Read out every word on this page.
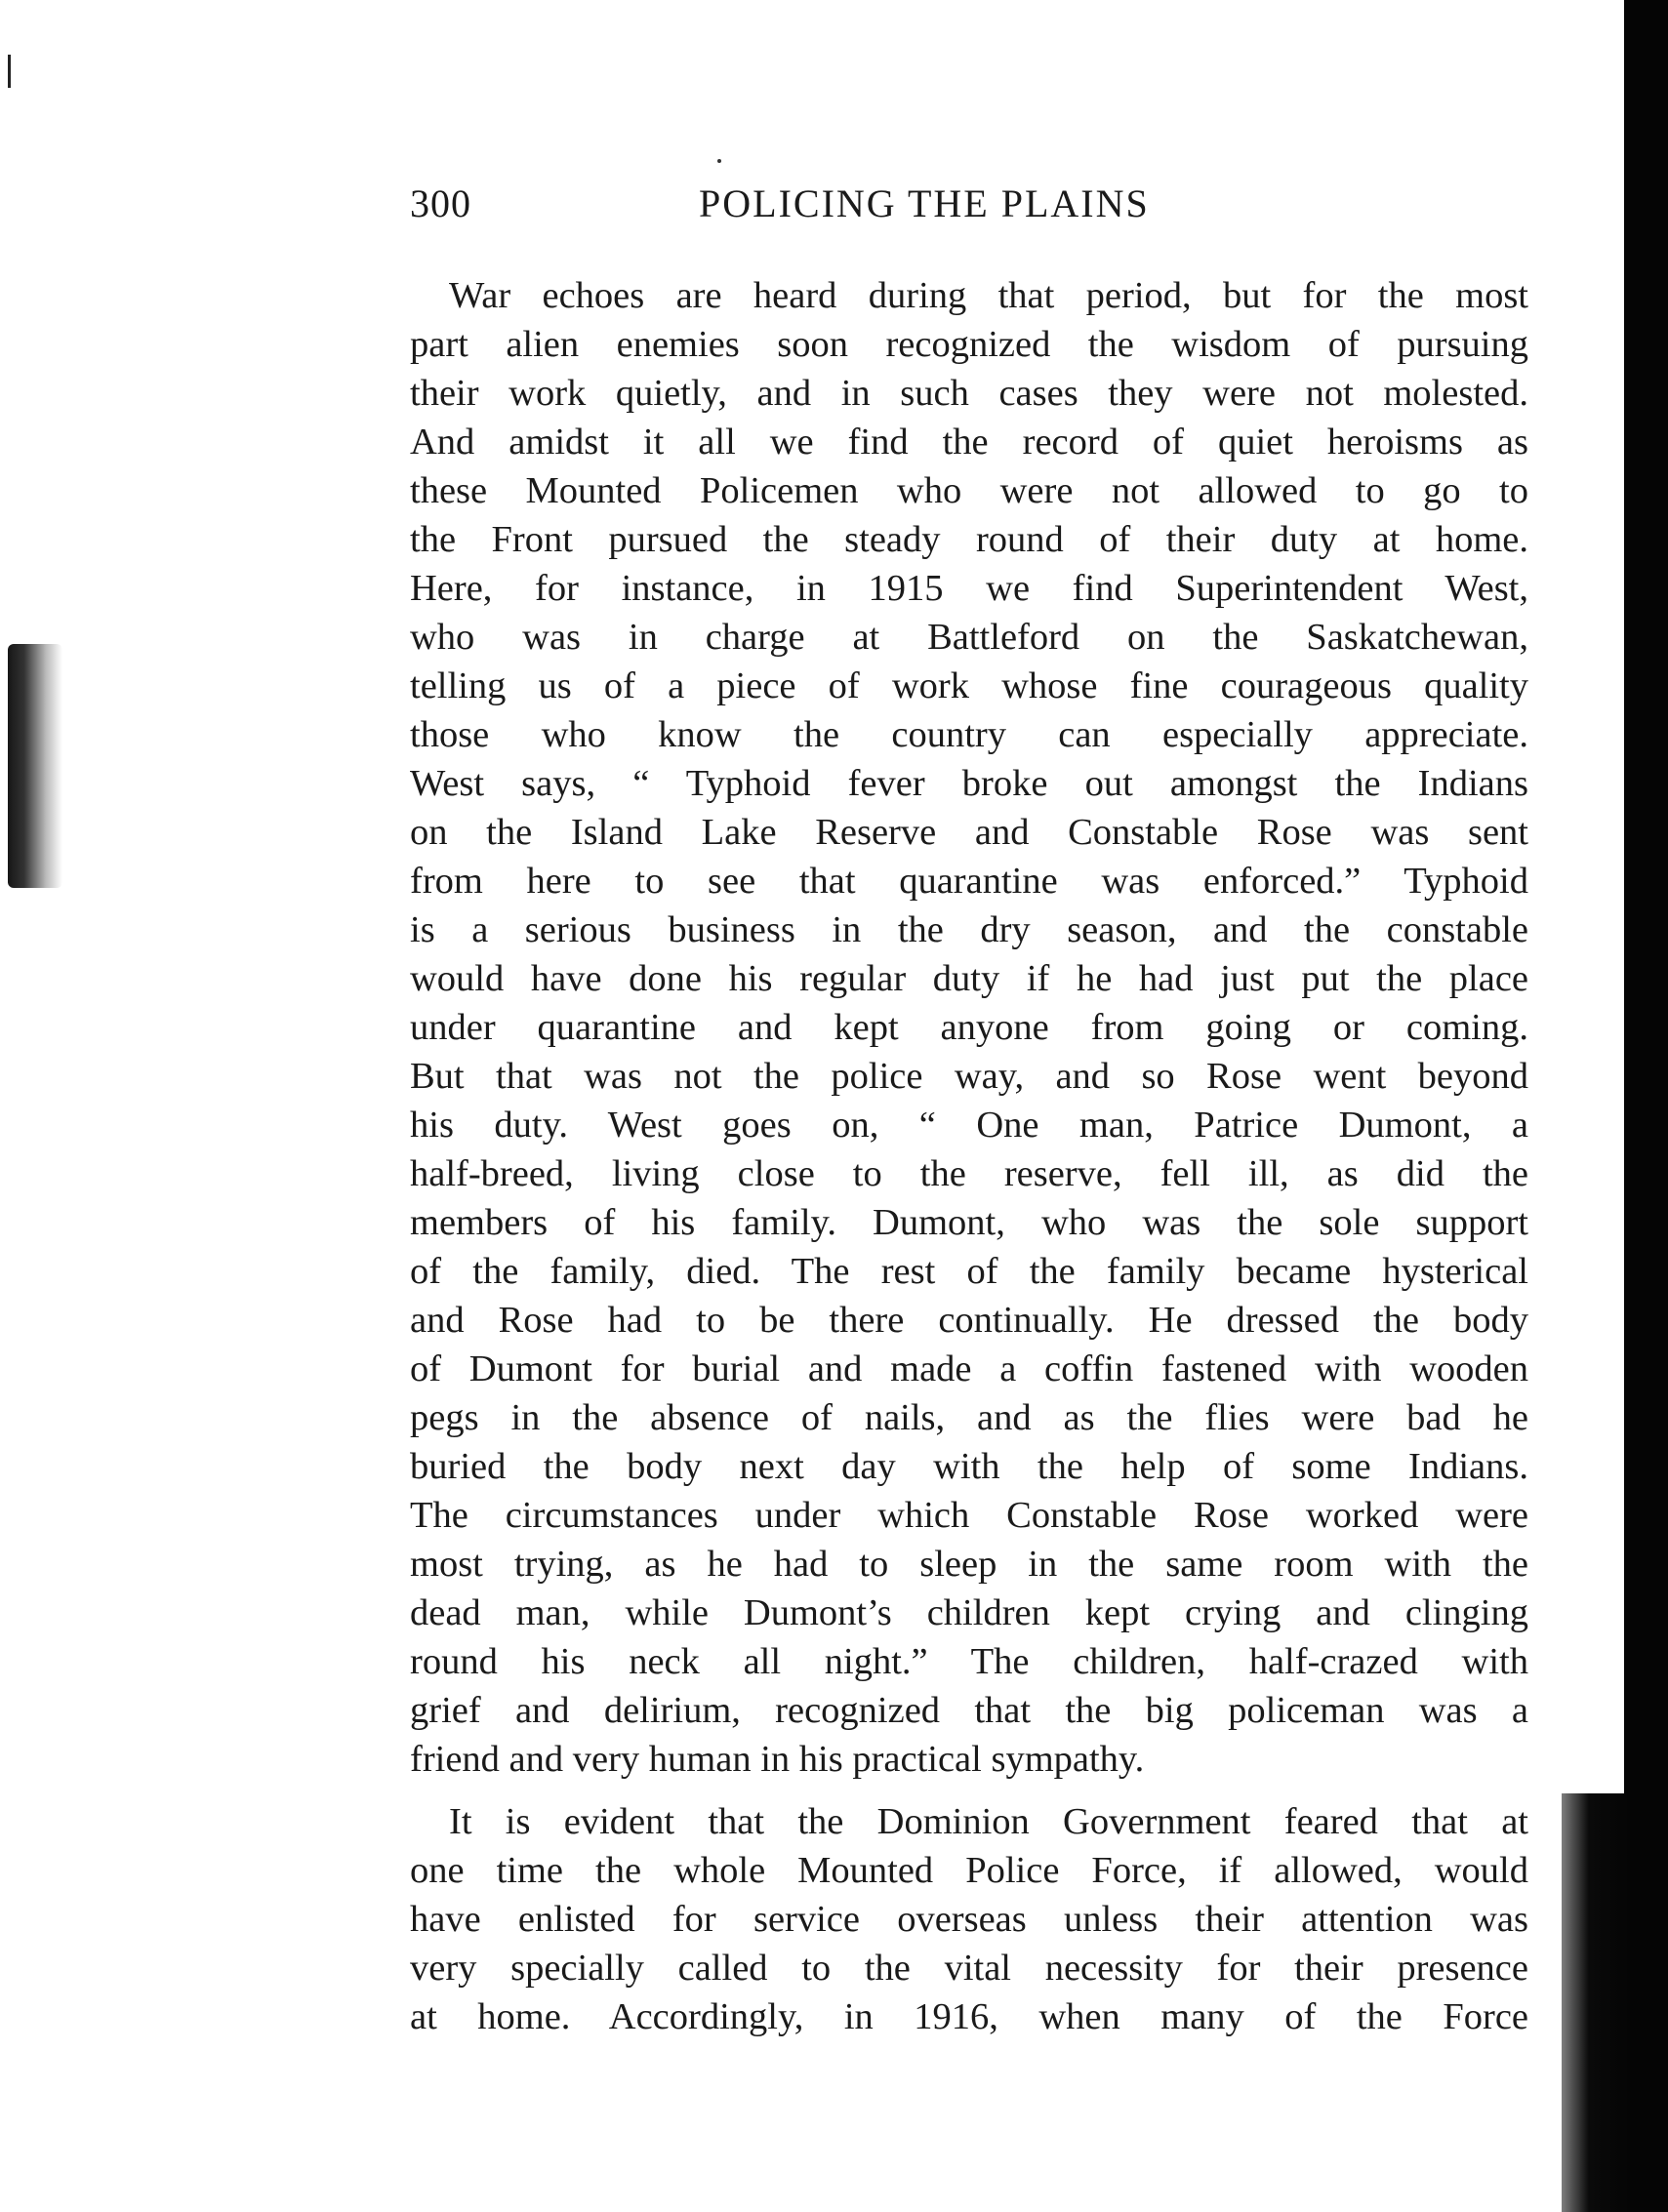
300	POLICING THE PLAINS

War echoes are heard during that period, but for the most

part alien enemies soon recognized the wisdom of pursuing

their work quietly, and in such cases they were not molested.

And amidst it all we find the record of quiet heroisms as

these Mounted Policemen who were not allowed to go to

the Front pursued the steady round of their duty at home.

Here, for instance, in 1915 we find Superintendent West,

who was in charge at Battleford on the Saskatchewan,

telling us of a piece of work whose fine courageous quality

those who know the country can especially appreciate.

West says, “ Typhoid fever broke out amongst the Indians

on the Island Lake Reserve and Constable Rose was sent

from here to see that quarantine was enforced.” Typhoid

is a serious business in the dry season, and the constable

would have done his regular duty if he had just put the place

under quarantine and kept anyone from going or coming.

But that was not the police way, and so Rose went beyond

his duty. West goes on, “ One man, Patrice Dumont, a

half-breed, living close to the reserve, fell ill, as did the

members of his family. Dumont, who was the sole support

of the family, died. The rest of the family became hysterical

and Rose had to be there continually. He dressed the body

of Dumont for burial and made a coffin fastened with wooden

pegs in the absence of nails, and as the flies were bad he

buried the body next day with the help of some Indians.

The circumstances under which Constable Rose worked were

most trying, as he had to sleep in the same room with the

dead man, while Dumont’s children kept crying and clinging

round his neck all night.” The children, half-crazed with

grief and delirium, recognized that the big policeman was a

friend and very human in his practical sympathy.

It is evident that the Dominion Government feared that at

one time the whole Mounted Police Force, if allowed, would

have enlisted for service overseas unless their attention was

very specially called to the vital necessity for their presence

at home. Accordingly, in 1916, when many of the Force
